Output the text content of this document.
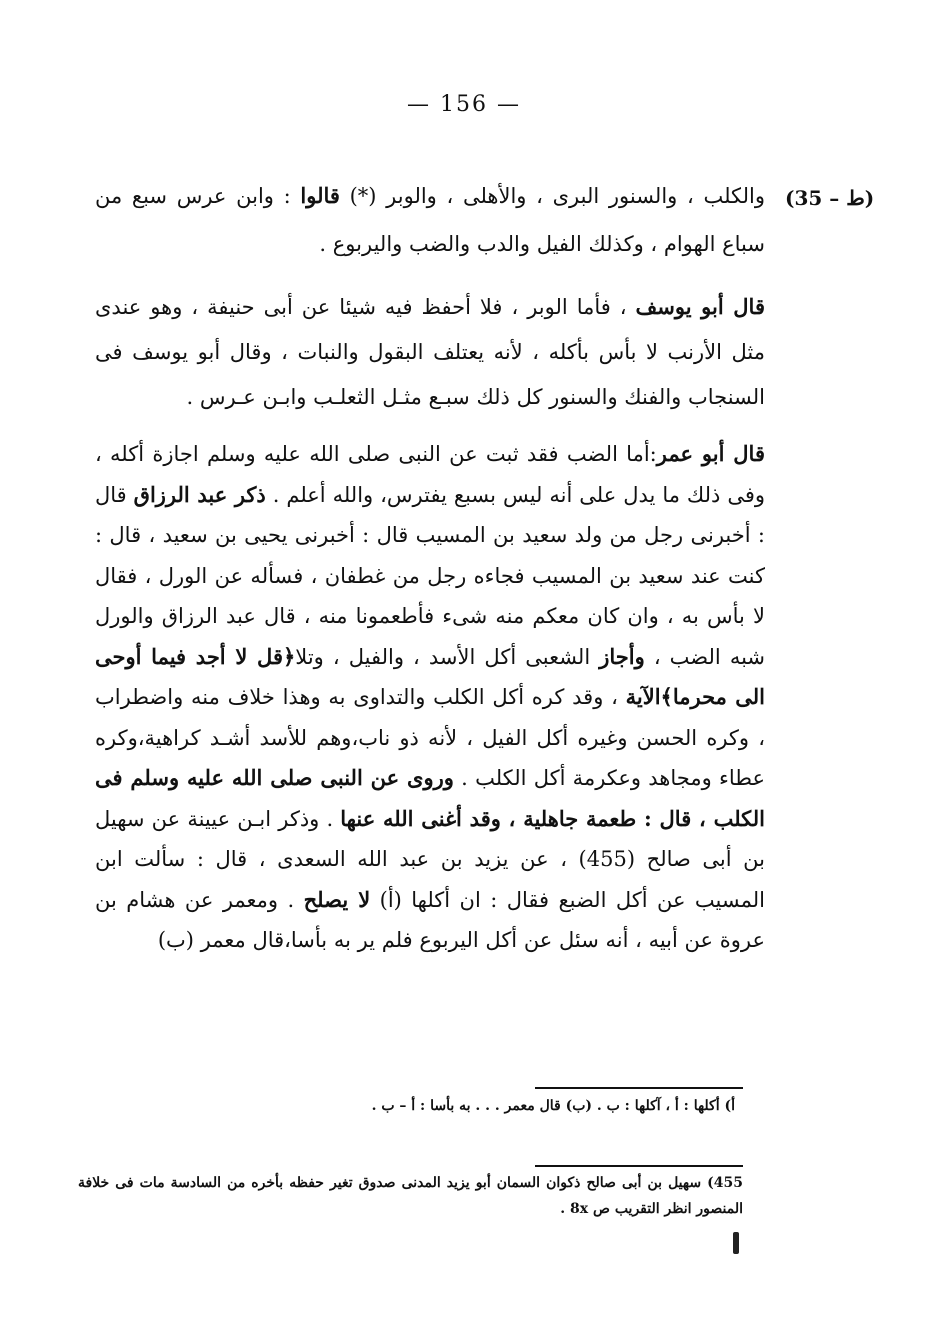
— 156 —
(35 – ط)

والكلب ، والسنور البرى ، والأهلى ، والوبر (*) قالوا : وابن عرس سبع من سباع الهوام ، وكذلك الفيل والدب والضب واليربوع .

قال أبو يوسف ، فأما الوبر ، فلا أحفظ فيه شيئا عن أبى حنيفة ، وهو عندى مثل الأرنب لا بأس بأكله ، لأنه يعتلف البقول والنبات ، وقال أبو يوسف فى السنجاب والفنك والسنور كل ذلك سبـع مثـل الثعلـب وابـن عـرس .

قال أبو عمر:أما الضب فقد ثبت عن النبى صلى الله عليه وسلم اجازة أكله ، وفى ذلك ما يدل على أنه ليس بسبع يفترس، والله أعلم . ذكر عبد الرزاق قال : أخبرنى رجل من ولد سعيد بن المسيب قال : أخبرنى يحيى بن سعيد ، قال : كنت عند سعيد بن المسيب فجاءه رجل من غطفان ، فسأله عن الورل ، فقال لا بأس به ، وان كان معكم منه شىء فأطعمونا منه ، قال عبد الرزاق والورل شبه الضب ، وأجاز الشعبى أكل الأسد ، والفيل ، وتلا﴿قل لا أجد فيما أوحى الى محرما﴾الآية ، وقد كره أكل الكلب والتداوى به وهذا خلاف منه واضطراب ، وكره الحسن وغيره أكل الفيل ، لأنه ذو ناب،وهم للأسد أشـد كراهية،وكره عطاء ومجاهد وعكرمة أكل الكلب . وروى عن النبى صلى الله عليه وسلم فى الكلب ، قال : طعمة جاهلية ، وقد أغنى الله عنها . وذكر ابـن عيينة عن سهيل بن أبى صالح (455) ، عن يزيد بن عبد الله السعدى ، قال : سألت ابن المسيب عن أكل الضبع فقال : ان أكلها (أ) لا يصلح . ومعمر عن هشام بن عروة عن أبيه ، أنه سئل عن أكل اليربوع فلم ير به بأسا،قال معمر (ب)

أ) أكلها : أ ، آكلها : ب . (ب) قال معمر . . . به بأسا : أ – ب .
455) سهيل بن أبى صالح ذكوان السمان أبو يزيد المدنى صدوق تغير حفظه بأخره من السادسة مات فى خلافة المنصور انظر التقريب ص 8x .
